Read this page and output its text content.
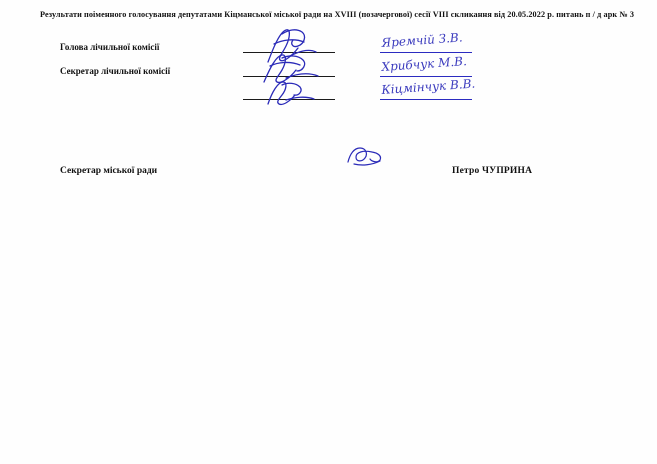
Результати поіменного голосування депутатами Кіцманської міської ради на XVIII (позачергової) сесії VIII скликання від 20.05.2022 р. питань п / д арк № 3
Голова лічильної комісії
Секретар лічильної комісії
Секретар міської ради	Петро ЧУПРИНА
Яремчій З.В.
Хрибчук М.В.
Кіцмінчук В.В.
